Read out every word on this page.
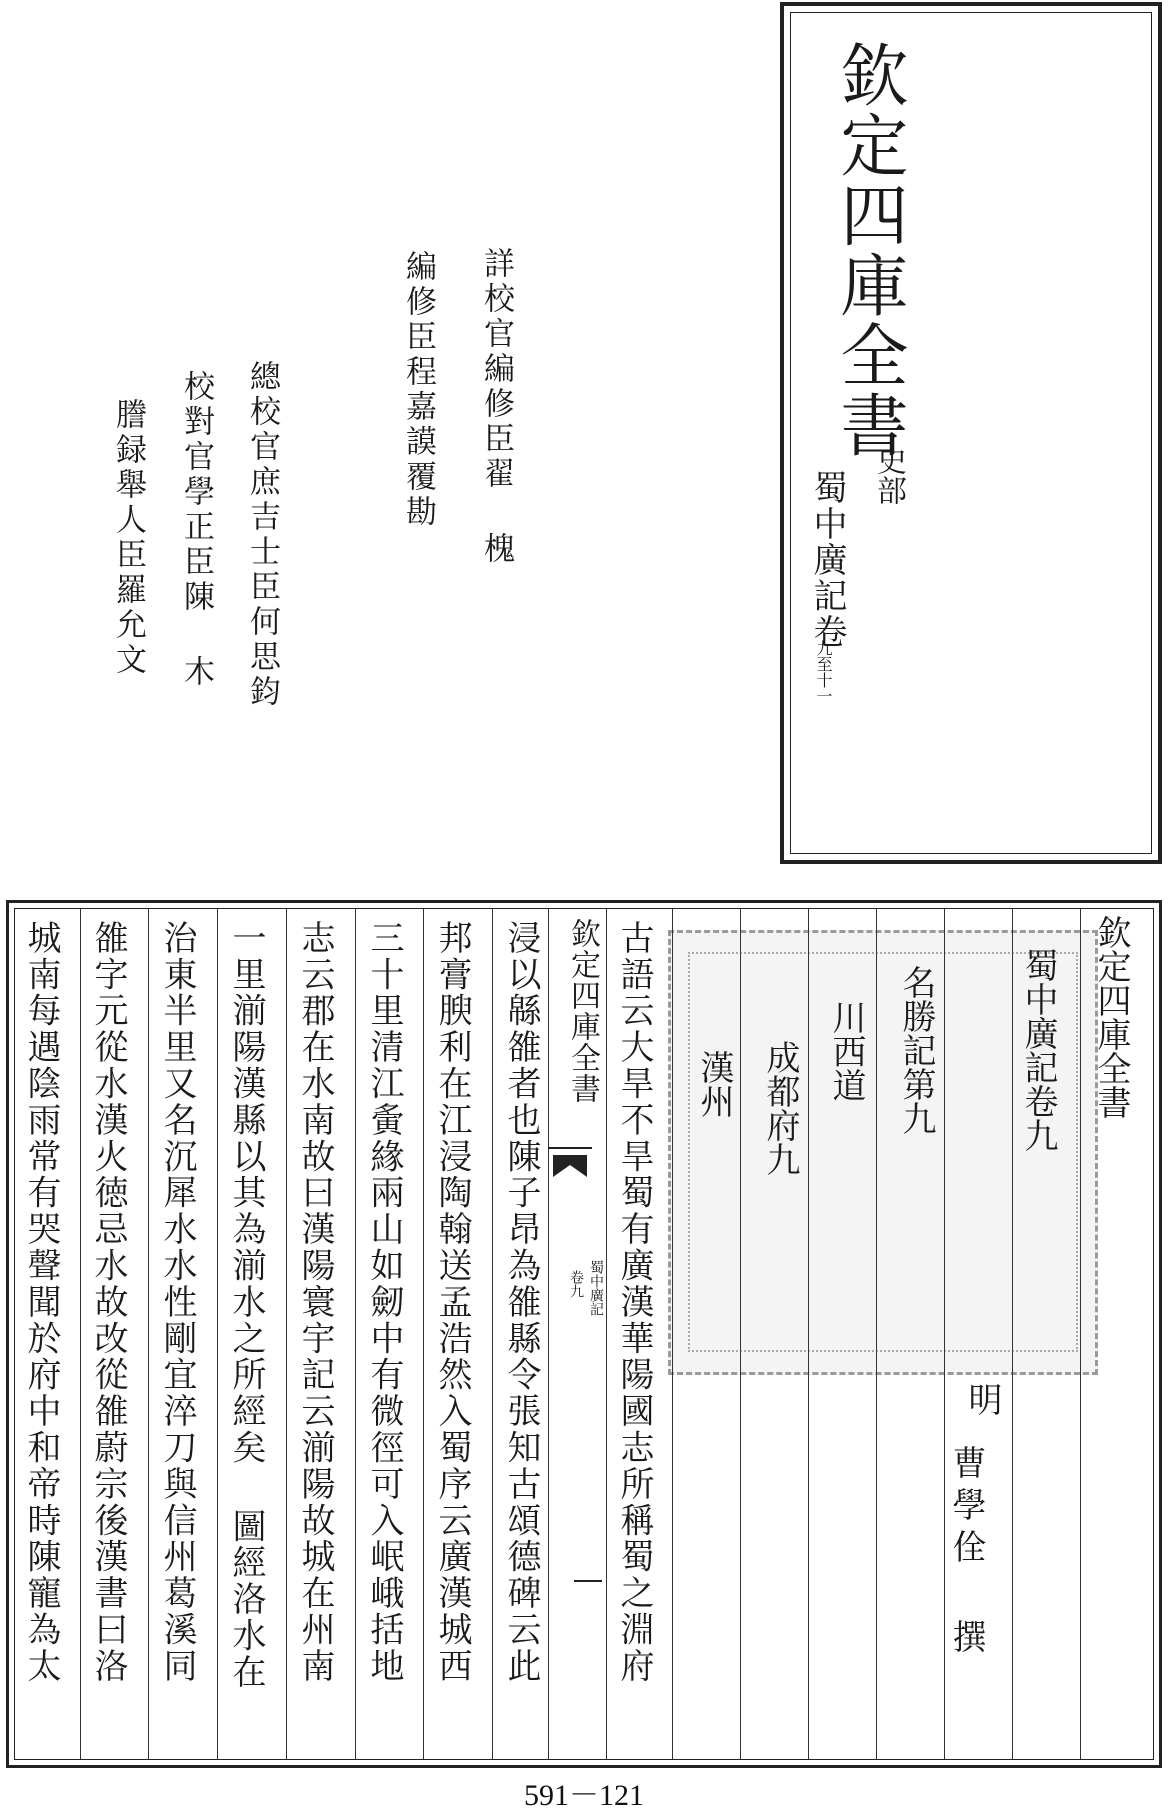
欽定四庫全書
史部
蜀中廣記卷
九至十一
詳校官編修臣翟 槐
編修臣程嘉謨覆勘
總校官庶吉士臣何思鈞
校對官學正臣陳 木
謄録舉人臣羅允文
欽定四庫全書
蜀中廣記卷九
明
曹學佺 撰
名勝記第九
川西道
成都府九
漢州
古語云大旱不旱蜀有廣漢華陽國志所稱蜀之淵府
浸以緜雒者也陳子昂為雒縣令張知古頌德碑云此
邦膏腴利在江浸陶翰送孟浩然入蜀序云廣漢城西
三十里清江夤緣兩山如劒中有微徑可入岷峨括地
志云郡在水南故曰漢陽寰宇記云湔陽故城在州南
一里湔陽漢縣以其為湔水之所經矣 圖經洛水在
治東半里又名沉犀水水性剛宜淬刀與信州葛溪同
雒字元從水漢火徳忌水故改從雒蔚宗後漢書曰洛
城南每遇陰雨常有哭聲聞於府中和帝時陳寵為太	欽定四庫全書
蜀中廣記
卷九
591－121
